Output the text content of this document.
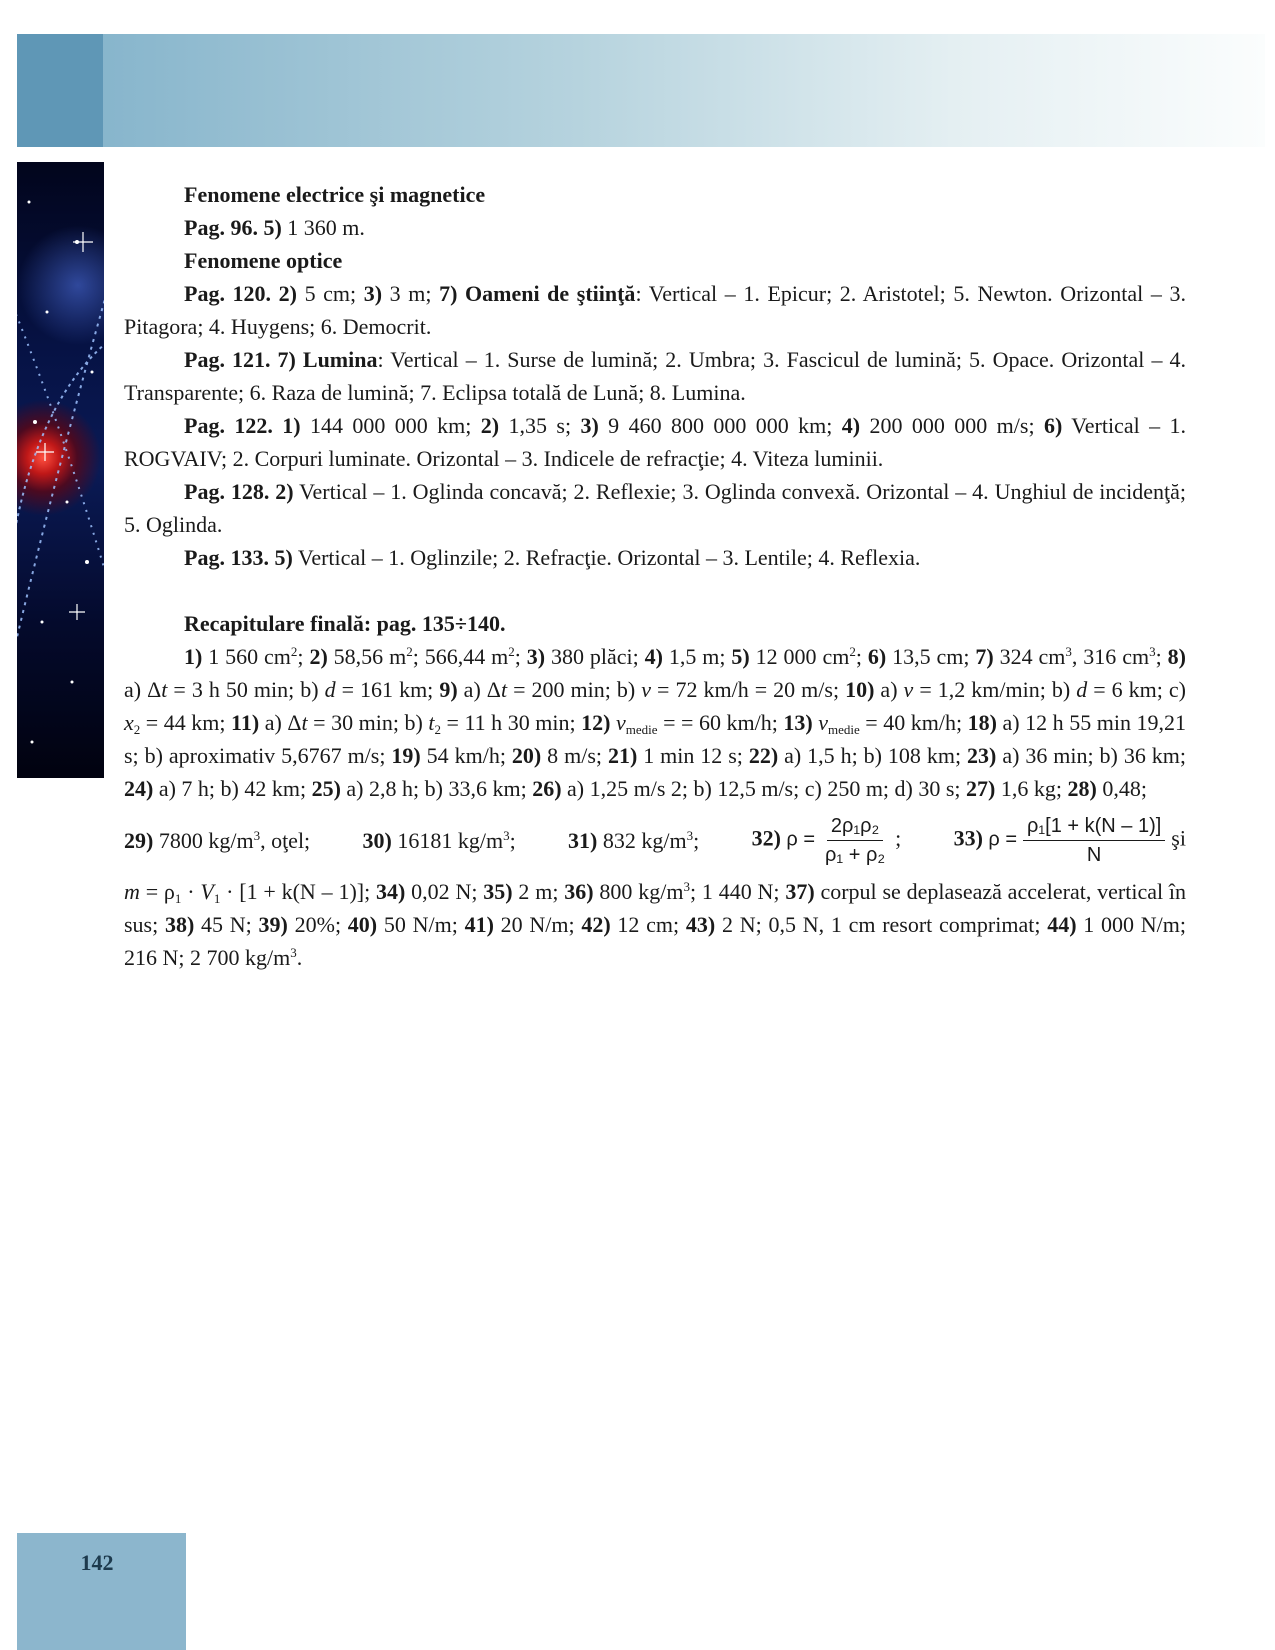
Fenomene electrice şi magnetice

Pag. 96. 5) 1 360 m.

Fenomene optice

Pag. 120. 2) 5 cm; 3) 3 m; 7) Oameni de ştiinţă: Vertical – 1. Epicur; 2. Aristotel; 5. Newton. Orizontal – 3. Pitagora; 4. Huygens; 6. Democrit.

Pag. 121. 7) Lumina: Vertical – 1. Surse de lumină; 2. Umbra; 3. Fascicul de lumină; 5. Opace. Orizontal – 4. Transparente; 6. Raza de lumină; 7. Eclipsa totală de Lună; 8. Lumina.

Pag. 122. 1) 144 000 000 km; 2) 1,35 s; 3) 9 460 800 000 000 km; 4) 200 000 000 m/s; 6) Vertical – 1. ROGVAIV; 2. Corpuri luminate. Orizontal – 3. Indicele de refracţie; 4. Viteza luminii.

Pag. 128. 2) Vertical – 1. Oglinda concavă; 2. Reflexie; 3. Oglinda convexă. Orizontal – 4. Unghiul de incidenţă; 5. Oglinda.

Pag. 133. 5) Vertical – 1. Oglinzile; 2. Refracţie. Orizontal – 3. Lentile; 4. Reflexia.

Recapitulare finală: pag. 135÷140.

1) 1 560 $cm^2$; 2) 58,56 $m^2$; 566,44 $m^2$; 3) 380 plăci; 4) 1,5 m; 5) 12 000 $cm^2$; 6) 13,5 cm; 7) 324 $cm^3$, 316 $cm^3$; 8) a) Δt = 3 h 50 min; b) d = 161 km; 9) a) Δt = 200 min; b) v = 72 km/h = 20 m/s; 10) a) v = 1,2 km/min; b) d = 6 km; c) $x_2 = 44$ km; 11) a) Δt = 30 min; b) $t_2 = 11$ h 30 min; 12) $v_{medie}$ = = 60 km/h; 13) $v_{medie} = 40$ km/h; 18) a) 12 h 55 min 19,21 s; b) aproximativ 5,6767 m/s; 19) 54 km/h; 20) 8 m/s; 21) 1 min 12 s; 22) a) 1,5 h; b) 108 km; 23) a) 36 min; b) 36 km; 24) a) 7 h; b) 42 km; 25) a) 2,8 h; b) 33,6 km; 26) a) 1,25 m/s 2; b) 12,5 m/s; c) 250 m; d) 30 s; 27) 1,6 kg; 28) 0,48;

29) 7800 $kg/m^3$, oţel; 30) 16181 $kg/m^3$; 31) 832 $kg/m^3$; 32) $\rho = \frac{\text{2ρ₁ρ₂}}{\text{ρ₁ + ρ₂}}$ ; 33) $\rho = \frac{\text{ρ₁[1 + k(N – 1)]}}{N}$ şi

$m = \rho_1 \cdot V_1 \cdot [1 + k(N - 1)]$; 34) 0,02 N; 35) 2 m; 36) 800 $kg/m^3$; 1 440 N; 37) corpul se deplasează accelerat, vertical în sus; 38) 45 N; 39) 20%; 40) 50 N/m; 41) 20 N/m; 42) 12 cm; 43) 2 N; 0,5 N, 1 cm resort comprimat; 44) 1 000 N/m; 216 N; 2 700 $kg/m^3$.

142
